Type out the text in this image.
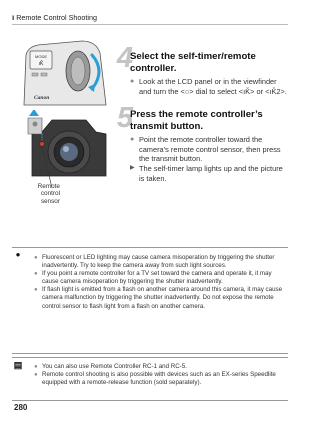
ı Remote Control Shooting
MODE
ıǨ
Canon
4
Select the self-timer/remote controller.
● Look at the LCD panel or in the viewfinder and turn the <○> dial to select <ıǨ> or <ıǨ2>.
Remote
control
sensor
5
Press the remote controller’s transmit button.
● Point the remote controller toward the camera’s remote control sensor, then press the transmit button.
▶ The self-timer lamp lights up and the picture is taken.
●	● Fluorescent or LED lighting may cause camera misoperation by triggering the shutter inadvertently. Try to keep the camera away from such light sources.
● If you point a remote controller for a TV set toward the camera and operate it, it may cause camera misoperation by triggering the shutter inadvertently.
● If flash light is emitted from a flash on another camera around this camera, it may cause camera malfunction by triggering the shutter inadvertently. Do not expose the remote control sensor to flash light from a flash on another camera.
▤ ● You can also use Remote Controller RC-1 and RC-5.
● Remote control shooting is also possible with devices such as an EX-series Speedlite equipped with a remote-release function (sold separately).
280
